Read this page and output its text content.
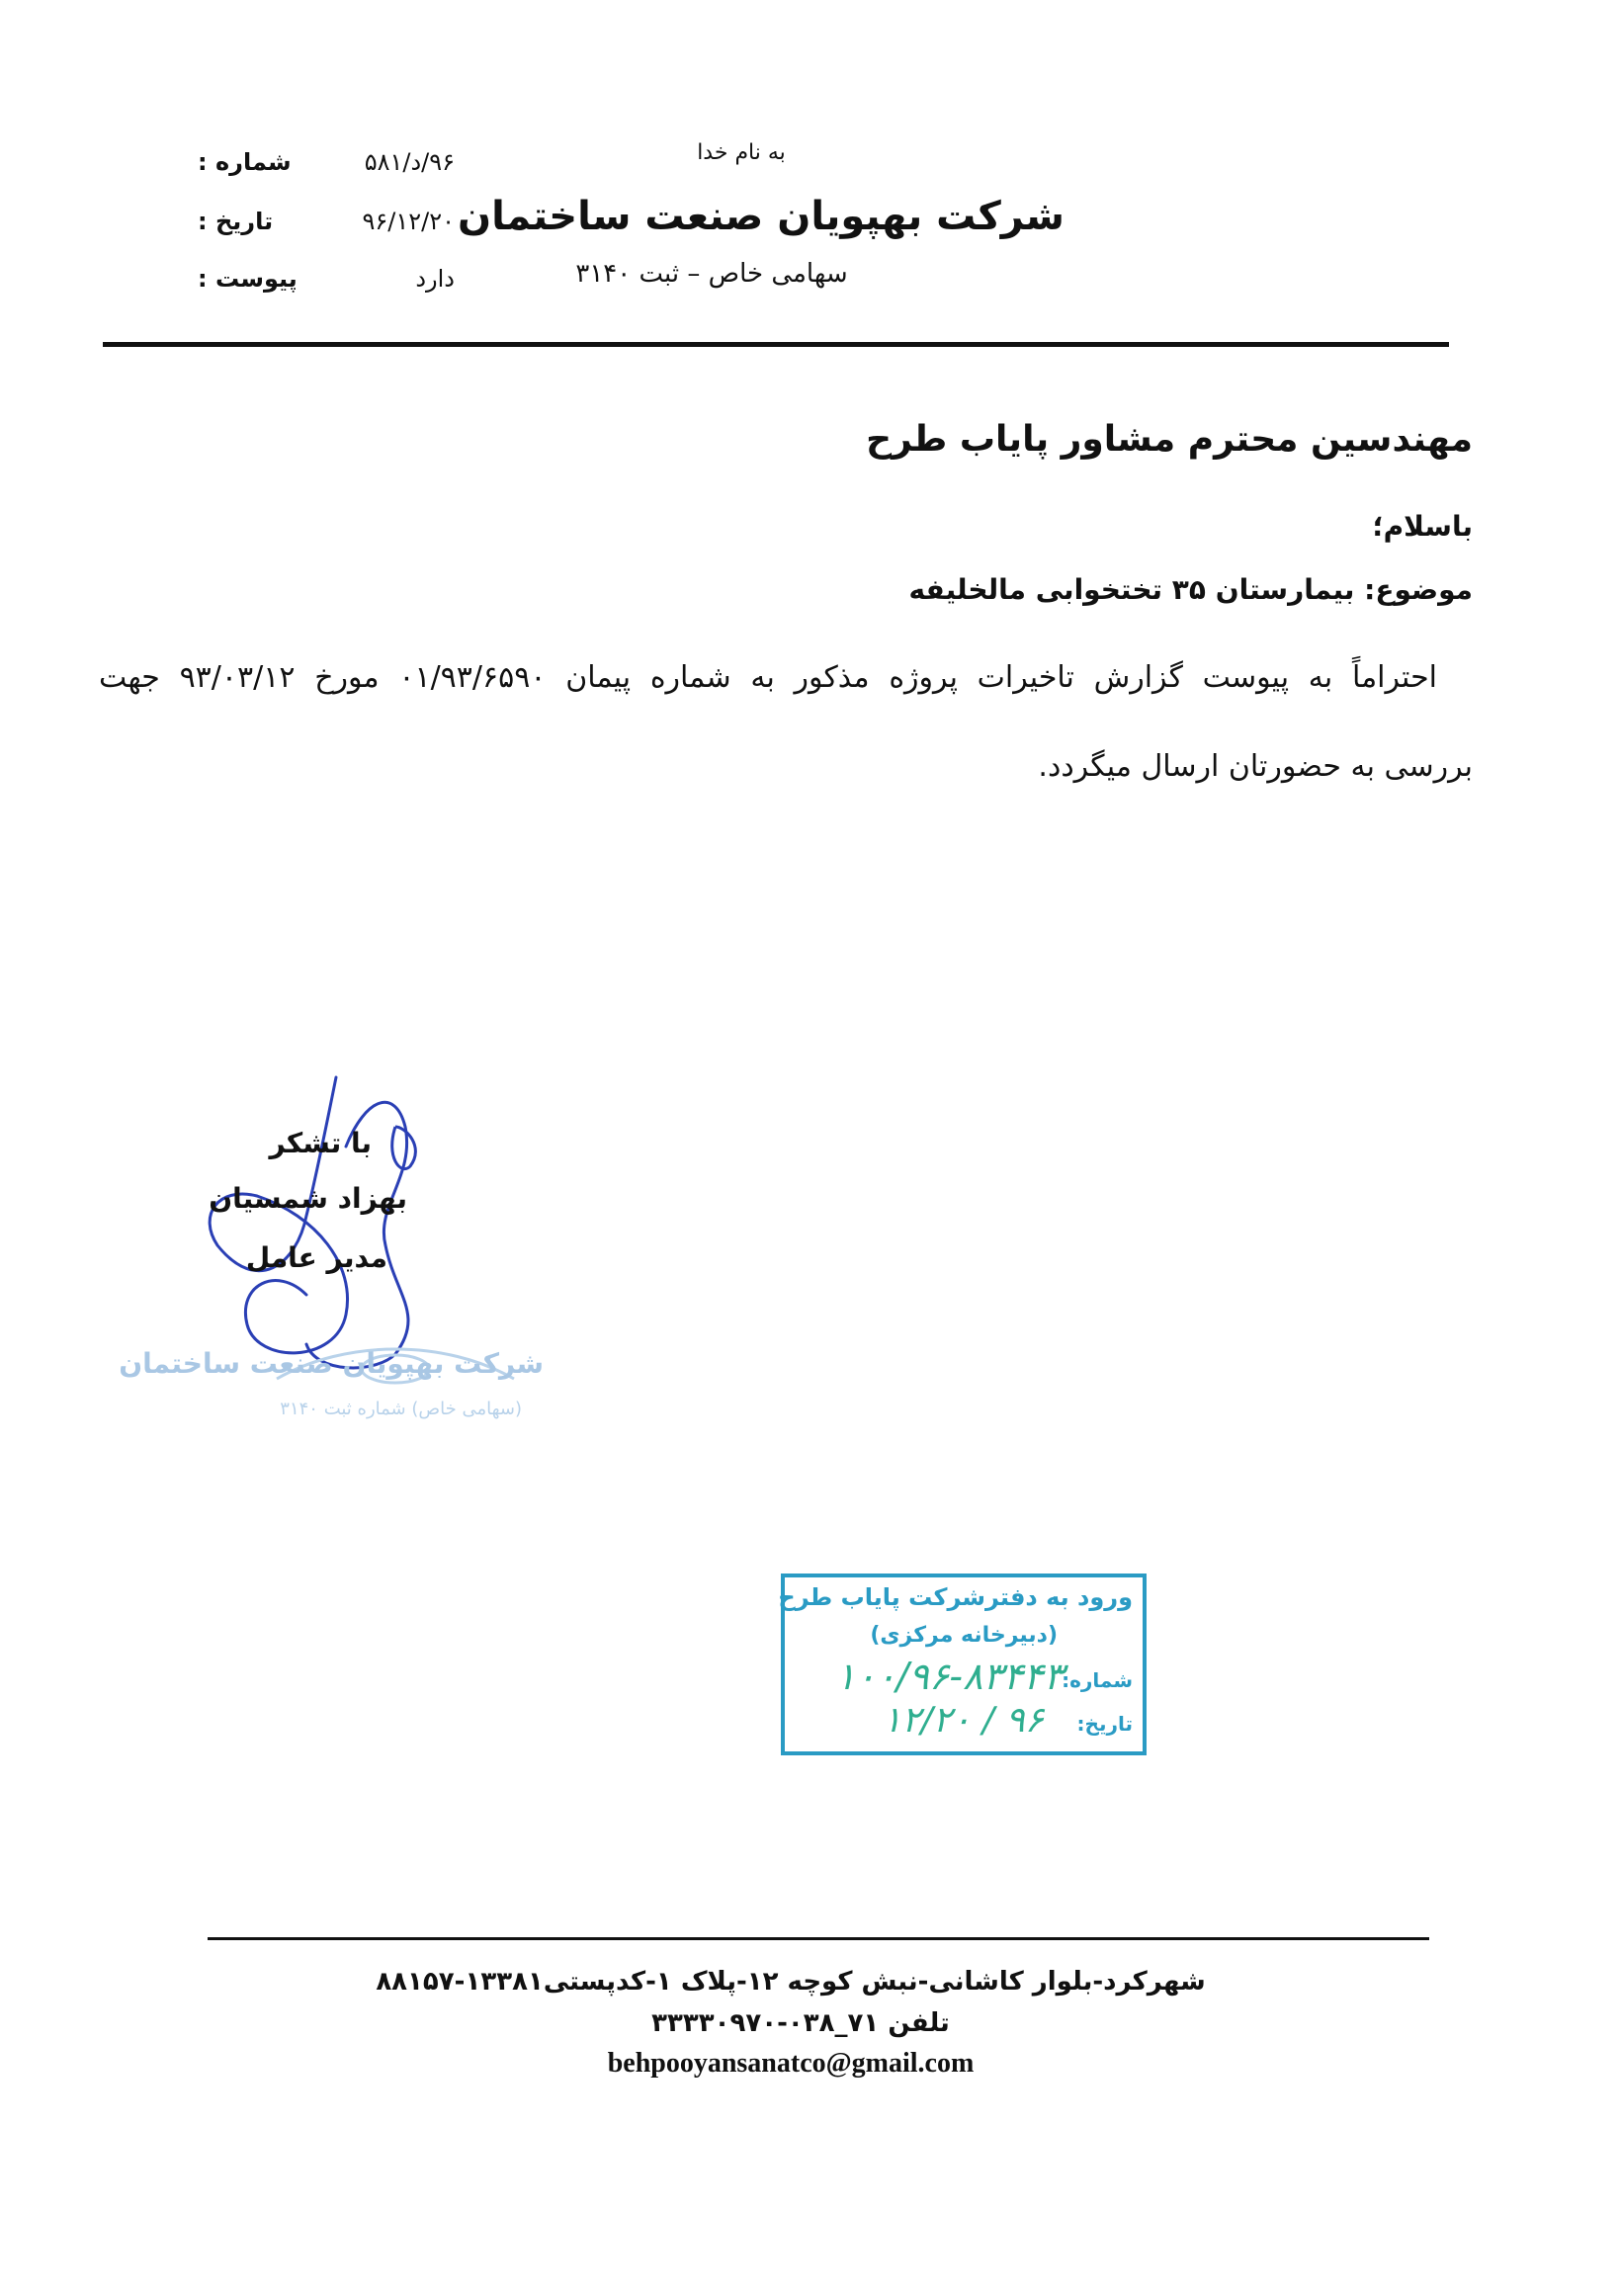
به نام خدا
شرکت بهپویان صنعت ساختمان
سهامی خاص – ثبت ۳۱۴۰
شماره :	۹۶/د/۵۸۱
تاریخ :	۹۶/۱۲/۲۰
پیوست :	دارد
مهندسین محترم مشاور پایاب طرح
باسلام؛
موضوع: بیمارستان ۳۵ تختخوابی مالخلیفه
احتراماً به پیوست گزارش تاخیرات پروژه مذکور به شماره پیمان ۰۱/۹۳/۶۵۹۰ مورخ ۹۳/۰۳/۱۲ جهت
بررسی به حضورتان ارسال میگردد.
با تشکر
بهزاد شمسیان
مدیر عامل
شرکت بهپویان صنعت ساختمان
(سهامی خاص) شماره ثبت ۳۱۴۰
ورود به دفترشرکت پایاب طرح
(دبیرخانه مرکزی)
شماره:
۱۰۰/۹۶-۸۳۴۴۳
تاریخ:
۹۶ / ۱۲/۲۰
شهرکرد-بلوار کاشانی-نبش کوچه ۱۲-پلاک ۱-کدپستی۱۳۳۸۱-۸۸۱۵۷
تلفن ۷۱_۰۳۸-۳۳۳۳۰۹۷۰
behpooyansanatco@gmail.com
